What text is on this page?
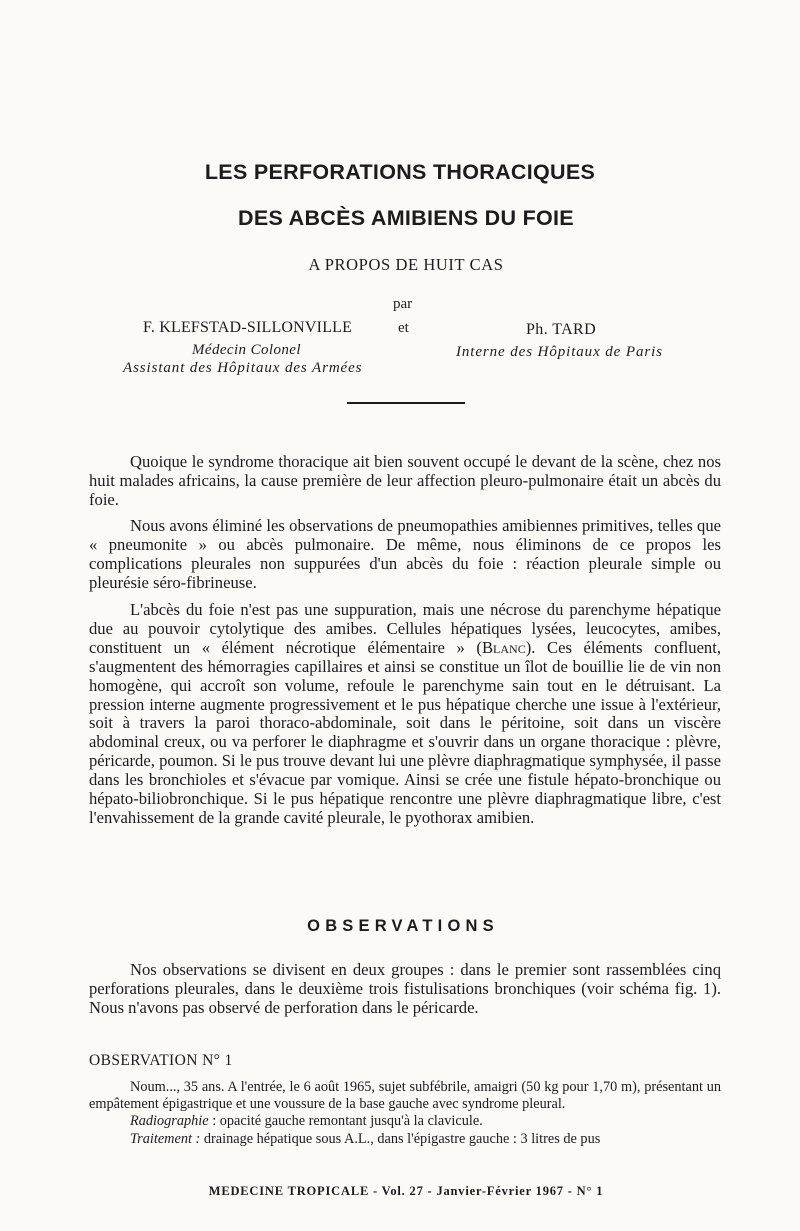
LES PERFORATIONS THORACIQUES
DES ABCÈS AMIBIENS DU FOIE
A PROPOS DE HUIT CAS
par
et
F. KLEFSTAD-SILLONVILLE
Médecin Colonel
Assistant des Hôpitaux des Armées
Ph. TARD
Interne des Hôpitaux de Paris

Quoique le syndrome thoracique ait bien souvent occupé le devant de la scène, chez nos huit malades africains, la cause première de leur affection pleuro-pulmonaire était un abcès du foie.

Nous avons éliminé les observations de pneumopathies amibiennes primitives, telles que « pneumonite » ou abcès pulmonaire. De même, nous éliminons de ce propos les complications pleurales non suppurées d'un abcès du foie : réaction pleurale simple ou pleurésie séro-fibrineuse.

L'abcès du foie n'est pas une suppuration, mais une nécrose du parenchyme hépatique due au pouvoir cytolytique des amibes. Cellules hépatiques lysées, leucocytes, amibes, constituent un « élément nécrotique élémentaire » (Blanc). Ces éléments confluent, s'augmentent des hémorragies capillaires et ainsi se constitue un îlot de bouillie lie de vin non homogène, qui accroît son volume, refoule le parenchyme sain tout en le détruisant. La pression interne augmente progressivement et le pus hépatique cherche une issue à l'extérieur, soit à travers la paroi thoraco-abdominale, soit dans le péritoine, soit dans un viscère abdominal creux, ou va perforer le diaphragme et s'ouvrir dans un organe thoracique : plèvre, péricarde, poumon. Si le pus trouve devant lui une plèvre diaphragmatique symphysée, il passe dans les bronchioles et s'évacue par vomique. Ainsi se crée une fistule hépato-bronchique ou hépato-biliobronchique. Si le pus hépatique rencontre une plèvre diaphragmatique libre, c'est l'envahissement de la grande cavité pleurale, le pyothorax amibien.

OBSERVATIONS

Nos observations se divisent en deux groupes : dans le premier sont rassemblées cinq perforations pleurales, dans le deuxième trois fistulisations bronchiques (voir schéma fig. 1). Nous n'avons pas observé de perforation dans le péricarde.

OBSERVATION N° 1

Noum..., 35 ans. A l'entrée, le 6 août 1965, sujet subfébrile, amaigri (50 kg pour 1,70 m), présentant un empâtement épigastrique et une voussure de la base gauche avec syndrome pleural.

Radiographie : opacité gauche remontant jusqu'à la clavicule.

Traitement : drainage hépatique sous A.L., dans l'épigastre gauche : 3 litres de pus

MEDECINE TROPICALE - Vol. 27 - Janvier-Février 1967 - N° 1
